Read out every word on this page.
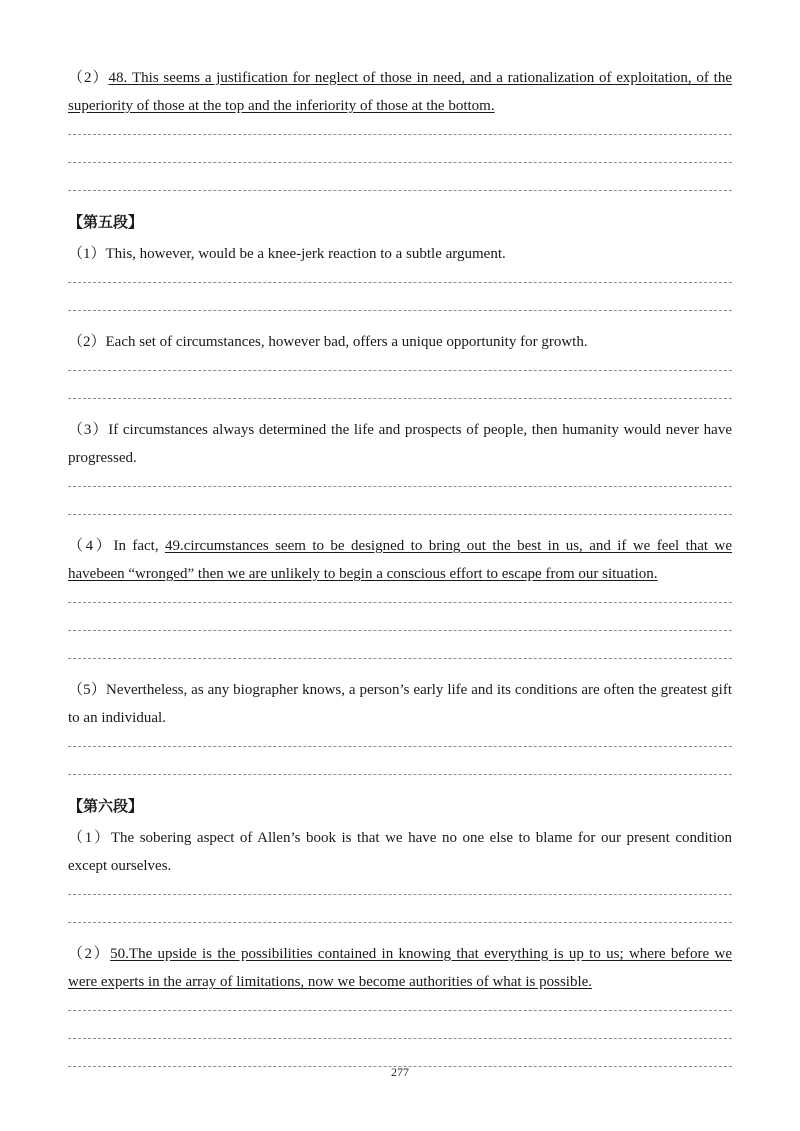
（2）48. This seems a justification for neglect of those in need, and a rationalization of exploitation, of the superiority of those at the top and the inferiority of those at the bottom.

【第五段】

（1）This, however, would be a knee-jerk reaction to a subtle argument.

（2）Each set of circumstances, however bad, offers a unique opportunity for growth.

（3）If circumstances always determined the life and prospects of people, then humanity would never have progressed.

（4）In fact, 49.circumstances seem to be designed to bring out the best in us, and if we feel that we havebeen “wronged” then we are unlikely to begin a conscious effort to escape from our situation.

（5）Nevertheless, as any biographer knows, a person’s early life and its conditions are often the greatest gift to an individual.

【第六段】

（1）The sobering aspect of Allen’s book is that we have no one else to blame for our present condition except ourselves.

（2）50.The upside is the possibilities contained in knowing that everything is up to us; where before we were experts in the array of limitations, now we become authorities of what is possible.

277
